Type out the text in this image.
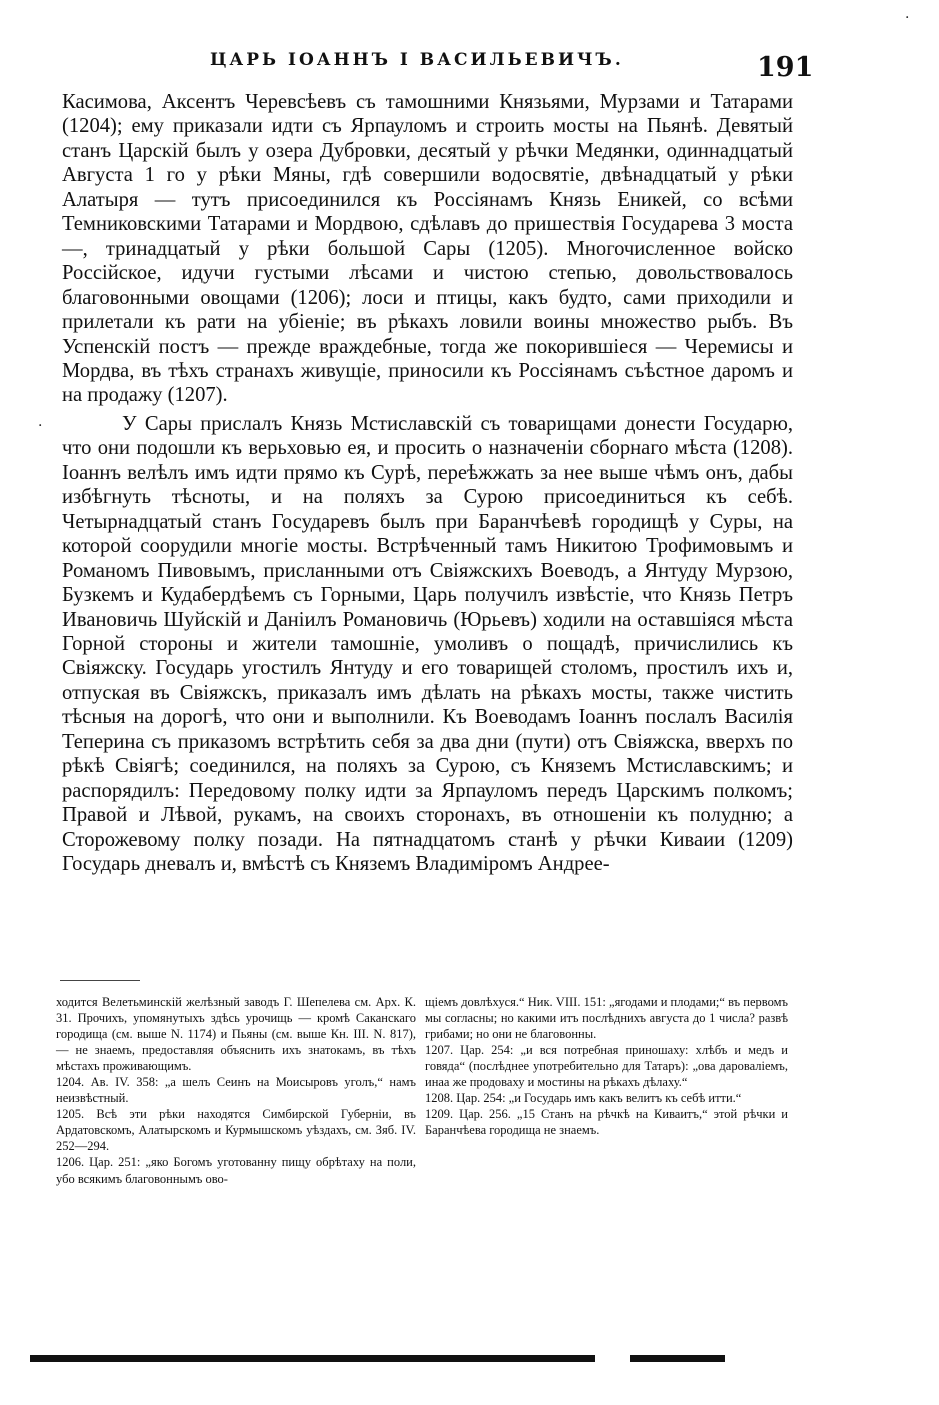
ЦАРЬ ІОАННЪ І ВАСИЛЬЕВИЧЪ.	191

Касимова, Аксентъ Черевсѣевъ съ тамошними Князьями, Мурзами и Татарами (1204); ему приказали идти съ Ярпауломъ и строить мосты на Пьянѣ. Девятый станъ Царскій былъ у озера Дубровки, десятый у рѣчки Медянки, одиннадцатый Августа 1 го у рѣки Мяны, гдѣ совершили водосвятіе, двѣнадцатый у рѣки Алатыря — тутъ присоединился къ Россіянамъ Князь Еникей, со всѣми Темниковскими Татарами и Мордвою, сдѣлавъ до пришествія Государева 3 моста —, тринадцатый у рѣки большой Сары (1205). Многочисленное войско Россійское, идучи густыми лѣсами и чистою степью, довольствовалось благовонными овощами (1206); лоси и птицы, какъ будто, сами приходили и прилетали къ рати на убіеніе; въ рѣкахъ ловили воины множество рыбъ. Въ Успенскій постъ — прежде враждебные, тогда же покорившіеся — Черемисы и Мордва, въ тѣхъ странахъ живущіе, приносили къ Россіянамъ съѣстное даромъ и на продажу (1207).

У Сары прислалъ Князь Мстиславскій съ товарищами донести Государю, что они подошли къ верьховью ея, и просить о назначеніи сборнаго мѣста (1208). Іоаннъ велѣлъ имъ идти прямо къ Сурѣ, переѣжжать за нее выше чѣмъ онъ, дабы избѣгнуть тѣсноты, и на поляхъ за Сурою присоединиться къ себѣ. Четырнадцатый станъ Государевъ былъ при Баранчѣевѣ городищѣ у Суры, на которой соорудили многіе мосты. Встрѣченный тамъ Никитою Трофимовымъ и Романомъ Пивовымъ, присланными отъ Свіяжскихъ Воеводъ, а Янтуду Мурзою, Бузкемъ и Кудабердѣемъ съ Горными, Царь получилъ извѣстіе, что Князь Петръ Ивановичь Шуйскій и Даніилъ Романовичь (Юрьевъ) ходили на оставшіяся мѣста Горной стороны и жители тамошніе, умоливъ о пощадѣ, причислились къ Свіяжску. Государь угостилъ Янтуду и его товарищей столомъ, простилъ ихъ и, отпуская въ Свіяжскъ, приказалъ имъ дѣлать на рѣкахъ мосты, также чистить тѣсныя на дорогѣ, что они и выполнили. Къ Воеводамъ Іоаннъ послалъ Василія Теперина съ приказомъ встрѣтить себя за два дни (пути) отъ Свіяжска, вверхъ по рѣкѣ Свіягѣ; соединился, на поляхъ за Сурою, съ Княземъ Мстиславскимъ; и распорядилъ: Передовому полку идти за Ярпауломъ передъ Царскимъ полкомъ; Правой и Лѣвой, рукамъ, на своихъ сторонахъ, въ отношеніи къ полудню; а Сторожевому полку позади. На пятнадцатомъ станѣ у рѣчки Киваии (1209) Государь дневалъ и, вмѣстѣ съ Княземъ Владиміромъ Андрее-

ходится Велетьминскій желѣзный заводъ Г. Шепелева см. Арх. К. 31. Прочихъ, упомянутыхъ здѣсь урочищь — кромѣ Саканскаго городища (см. выше N. 1174) и Пьяны (см. выше Кн. III. N. 817), — не знаемъ, предоставляя объяснить ихъ знатокамъ, въ тѣхъ мѣстахъ проживающимъ.

1204. Ав. IV. 358: „а шелъ Сеинъ на Моисыровъ уголъ,“ намъ неизвѣстный.

1205. Всѣ эти рѣки находятся Симбирской Губерніи, въ Ардатовскомъ, Алатырскомъ и Курмышскомъ уѣздахъ, см. Зяб. IV. 252—294.

1206. Цар. 251: „яко Богомъ уготованну пищу обрѣтаху на поли, убо всякимъ благовоннымъ ово-

щіемъ довлѣхуся.“ Ник. VIII. 151: „ягодами и плодами;“ въ первомъ мы согласны; но какими итъ послѣднихъ августа до 1 числа? развѣ грибами; но они не благовонны.

1207. Цар. 254: „и вся потребная приношаху: хлѣбъ и медъ и говяда“ (послѣднее употребительно для Татаръ): „ова дароваліемъ, инаа же продоваху и мостины на рѣкахъ дѣлаху.“

1208. Цар. 254: „и Государь имъ какъ велитъ къ себѣ итти.“

1209. Цар. 256. „15 Станъ на рѣчкѣ на Киваитъ,“ этой рѣчки и Баранчѣева городища не знаемъ.

·
·
